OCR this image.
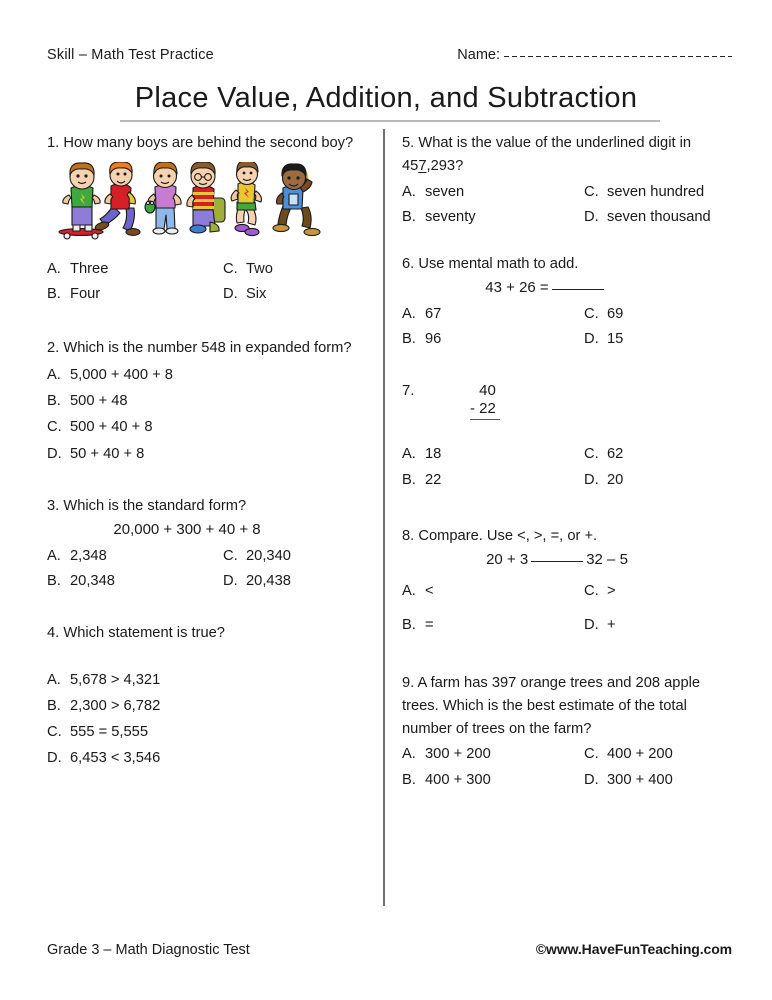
Skill – Math Test Practice	Name:
Place Value, Addition, and Subtraction
1. How many boys are behind the second boy?
A. Three	C. Two
B. Four	D. Six
2. Which is the number 548 in expanded form?
A. 5,000 + 400 + 8
B. 500 + 48
C. 500 + 40 + 8
D. 50 + 40 + 8
3. Which is the standard form?
20,000 + 300 + 40 + 8
A. 2,348	C. 20,340
B. 20,348	D. 20,438
4. Which statement is true?
A. 5,678 > 4,321
B. 2,300 > 6,782
C. 555 = 5,555
D. 6,453 < 3,546
5. What is the value of the underlined digit in 457,293?
A. seven	C. seven hundred
B. seventy	D. seven thousand
6. Use mental math to add.
43 + 26 =
A. 67	C. 69
B. 96	D. 15
7.	40
- 22
A. 18	C. 62
B. 22	D. 20
8. Compare. Use <, >, =, or +.
20 + 3	32 – 5
A. <	C. >
B. =	D. +
9. A farm has 397 orange trees and 208 apple trees. Which is the best estimate of the total number of trees on the farm?
A. 300 + 200	C. 400 + 200
B. 400 + 300	D. 300 + 400
Grade 3 – Math Diagnostic Test	©www.HaveFunTeaching.com
